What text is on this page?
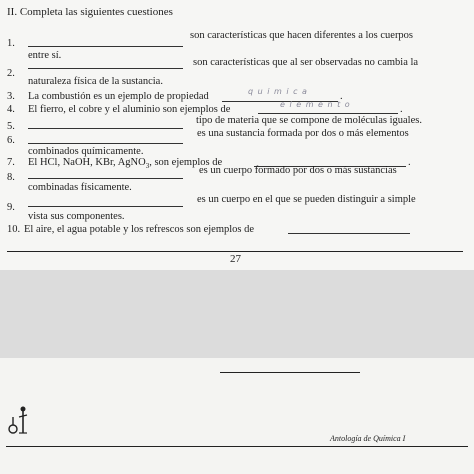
II. Completa las siguientes cuestiones
1.
son características que hacen diferentes a los cuerpos
entre sí.
2.
son características que al ser observadas no cambia la
naturaleza física de la sustancia.
3. La combustión es un ejemplo de propiedad	q u i m i c a	.
4. El fierro, el cobre y el aluminio son ejemplos de	e l e m e n t o	.
5.
tipo de materia que se compone de moléculas iguales.
6.
es una sustancia formada por dos o más elementos
combinados químicamente.
7. El HCl, NaOH, KBr, AgNO$_3$, son ejemplos de	.
8.
es un cuerpo formado por dos o más sustancias
combinadas físicamente.
9.
es un cuerpo en el que se pueden distinguir a simple
vista sus componentes.
10. El aire, el agua potable y los refrescos son ejemplos de
27
Antología de Química I
